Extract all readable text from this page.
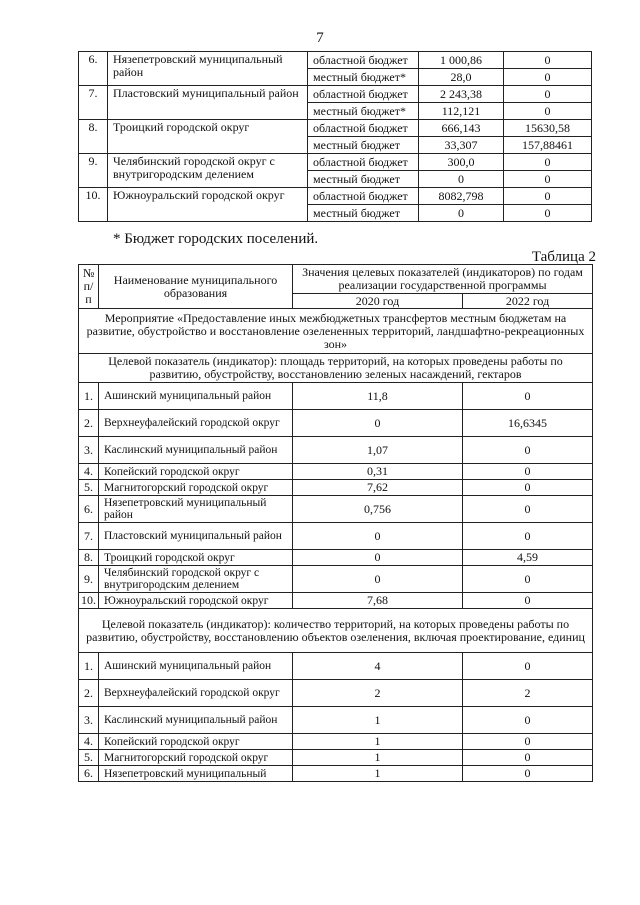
7
6.	Нязепетровский муниципальный район	областной бюджет	1 000,86	0
		местный бюджет*	28,0	0
7.	Пластовский муниципальный район	областной бюджет	2 243,38	0
		местный бюджет*	112,121	0
8.	Троицкий городской округ	областной бюджет	666,143	15630,58
		местный бюджет	33,307	157,88461
9.	Челябинский городской округ с внутригородским делением	областной бюджет	300,0	0
		местный бюджет	0	0
10.	Южноуральский городской округ	областной бюджет	8082,798	0
		местный бюджет	0	0
* Бюджет городских поселений.
Таблица 2
№ п/п	Наименование муниципального образования	Значения целевых показателей (индикаторов) по годам реализации государственной программы	
		2020 год	2022 год
Мероприятие «Предоставление иных межбюджетных трансфертов местным бюджетам на развитие, обустройство и восстановление озелененных территорий, ландшафтно-рекреационных зон»			
Целевой показатель (индикатор): площадь территорий, на которых проведены работы по развитию, обустройству, восстановлению зеленых насаждений, гектаров			
1.	Ашинский муниципальный район	11,8	0
2.	Верхнеуфалейский городской округ	0	16,6345
3.	Каслинский муниципальный район	1,07	0
4.	Копейский городской округ	0,31	0
5.	Магнитогорский городской округ	7,62	0
6.	Нязепетровский муниципальный район	0,756	0
7.	Пластовский муниципальный район	0	0
8.	Троицкий городской округ	0	4,59
9.	Челябинский городской округ с внутригородским делением	0	0
10.	Южноуральский городской округ	7,68	0
Целевой показатель (индикатор): количество территорий, на которых проведены работы по развитию, обустройству, восстановлению объектов озеленения, включая проектирование, единиц			
1.	Ашинский муниципальный район	4	0
2.	Верхнеуфалейский городской округ	2	2
3.	Каслинский муниципальный район	1	0
4.	Копейский городской округ	1	0
5.	Магнитогорский городской округ	1	0
6.	Нязепетровский муниципальный	1	0
